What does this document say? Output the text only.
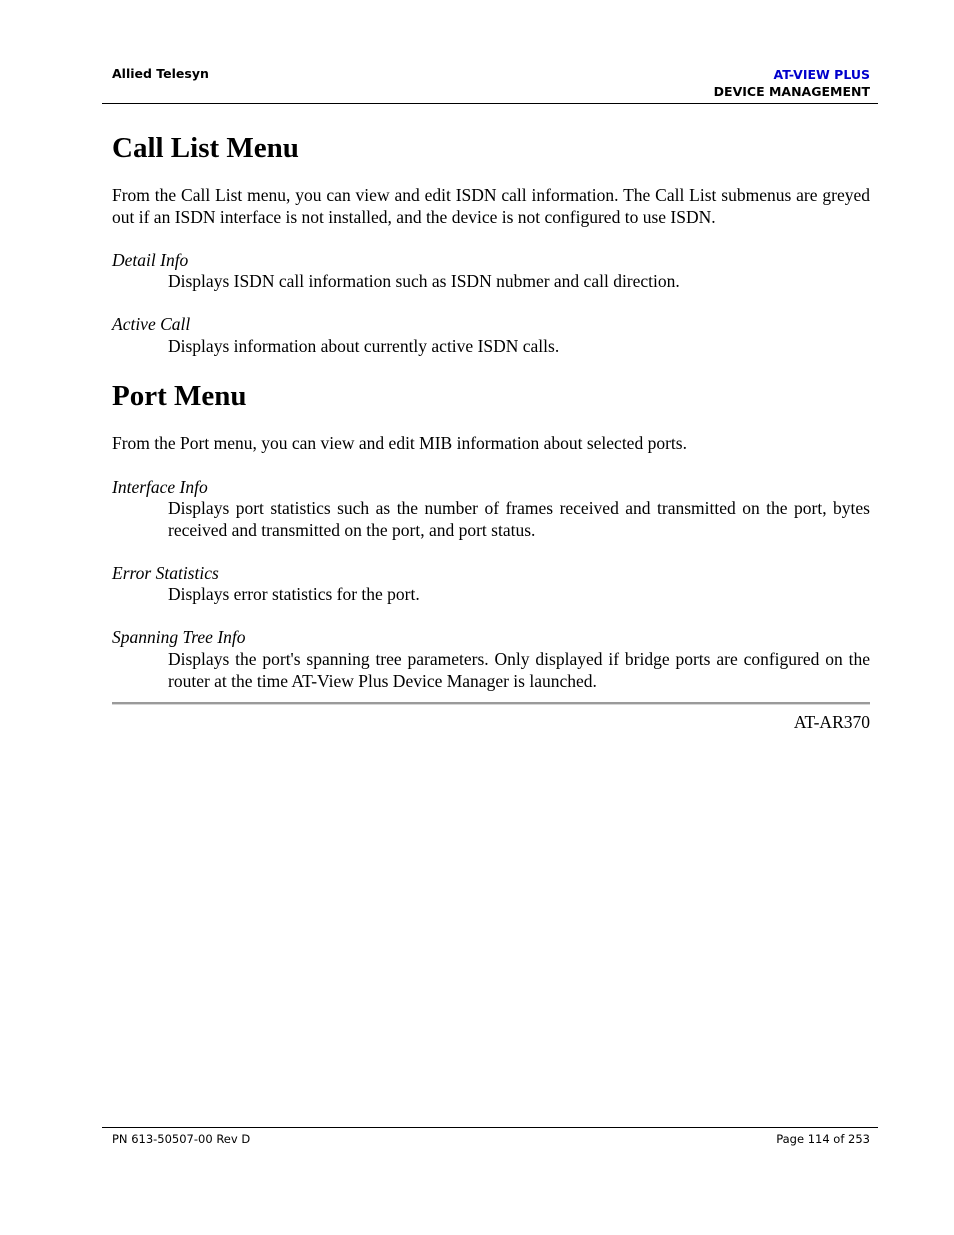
Allied Telesyn	AT-VIEW PLUS
DEVICE MANAGEMENT
Call List Menu

From the Call List menu, you can view and edit ISDN call information. The Call List submenus are greyed out if an ISDN interface is not installed, and the device is not configured to use ISDN.

Detail Info

Displays ISDN call information such as ISDN nubmer and call direction.

Active Call

Displays information about currently active ISDN calls.

Port Menu

From the Port menu, you can view and edit MIB information about selected ports.

Interface Info

Displays port statistics such as the number of frames received and transmitted on the port, bytes received and transmitted on the port, and port status.

Error Statistics

Displays error statistics for the port.

Spanning Tree Info

Displays the port's spanning tree parameters. Only displayed if bridge ports are configured on the router at the time AT-View Plus Device Manager is launched.

AT-AR370
PN 613-50507-00 Rev D	Page 114 of 253
